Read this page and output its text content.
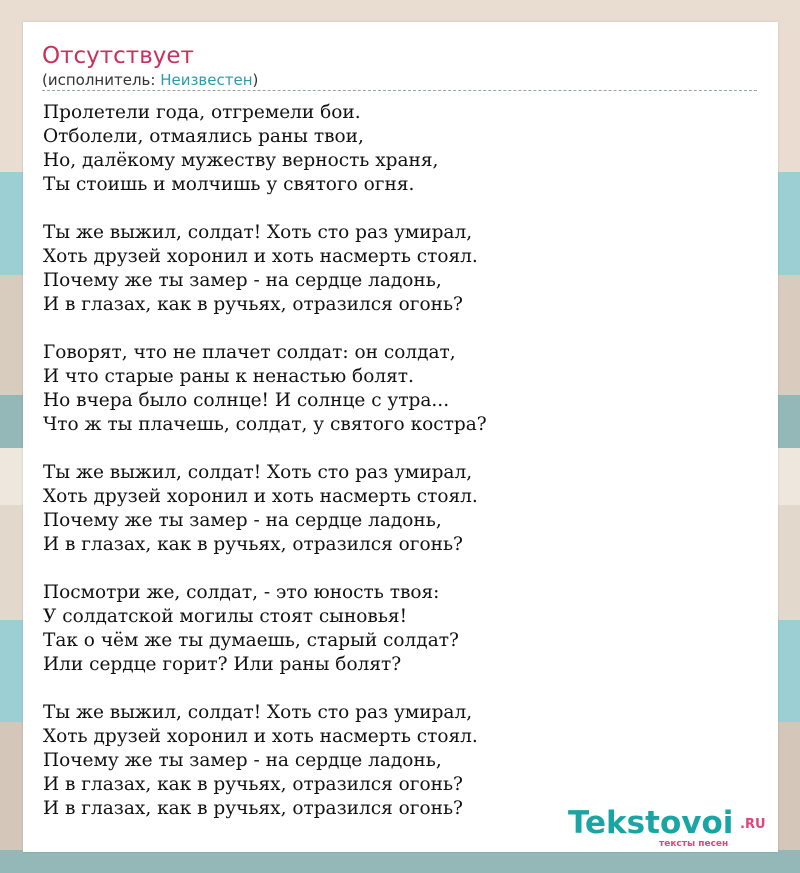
Отсутствует
(исполнитель: Неизвестен)
Пролетели года, отгремели бои.
Отболели, отмаялись раны твои,
Но, далёкому мужеству верность храня,
Ты стоишь и молчишь у святого огня.
Ты же выжил, солдат! Хоть сто раз умирал,
Хоть друзей хоронил и хоть насмерть стоял.
Почему же ты замер - на сердце ладонь,
И в глазах, как в ручьях, отразился огонь?
Говорят, что не плачет солдат: он солдат,
И что старые раны к ненастью болят.
Но вчера было солнце! И солнце с утра...
Что ж ты плачешь, солдат, у святого костра?
Ты же выжил, солдат! Хоть сто раз умирал,
Хоть друзей хоронил и хоть насмерть стоял.
Почему же ты замер - на сердце ладонь,
И в глазах, как в ручьях, отразился огонь?
Посмотри же, солдат, - это юность твоя:
У солдатской могилы стоят сыновья!
Так о чём же ты думаешь, старый солдат?
Или сердце горит? Или раны болят?
Ты же выжил, солдат! Хоть сто раз умирал,
Хоть друзей хоронил и хоть насмерть стоял.
Почему же ты замер - на сердце ладонь,
И в глазах, как в ручьях, отразился огонь?
И в глазах, как в ручьях, отразился огонь?	Tekstovoi .RU
тексты песен
